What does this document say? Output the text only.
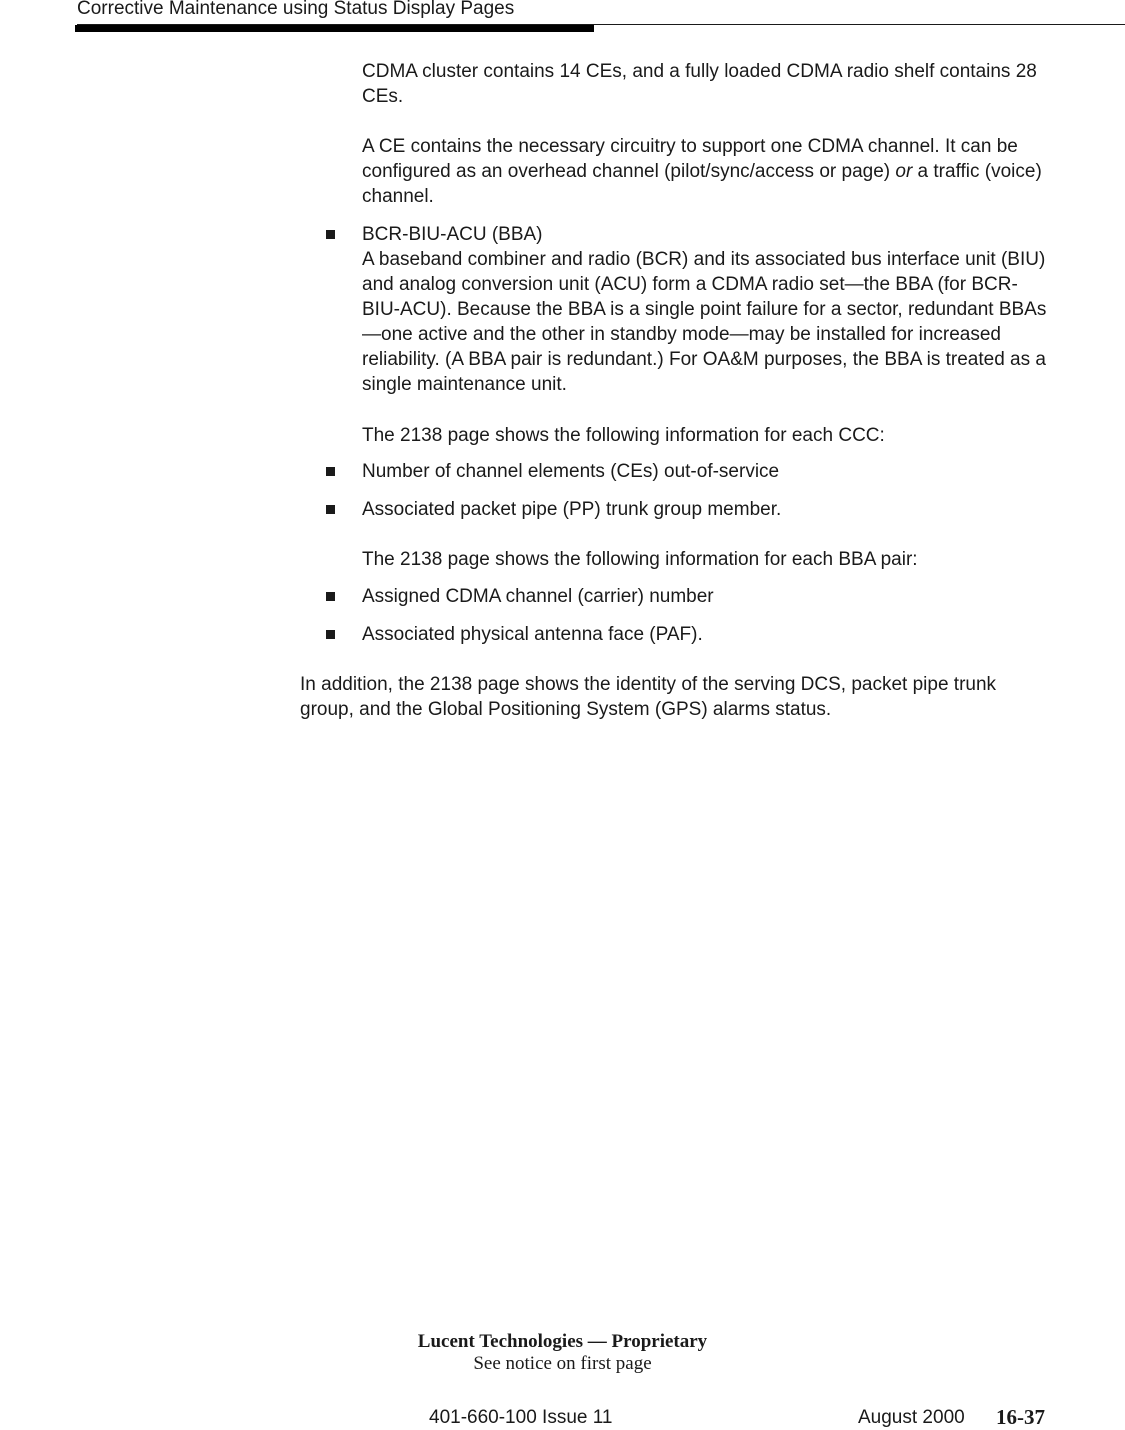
Corrective Maintenance using Status Display Pages

CDMA cluster contains 14 CEs, and a fully loaded CDMA radio shelf contains 28 CEs.

A CE contains the necessary circuitry to support one CDMA channel. It can be configured as an overhead channel (pilot/sync/access or page) or a traffic (voice) channel.

BCR-BIU-ACU (BBA)
A baseband combiner and radio (BCR) and its associated bus interface unit (BIU) and analog conversion unit (ACU) form a CDMA radio set—the BBA (for BCR-BIU-ACU). Because the BBA is a single point failure for a sector, redundant BBAs—one active and the other in standby mode—may be installed for increased reliability. (A BBA pair is redundant.) For OA&M purposes, the BBA is treated as a single maintenance unit.

The 2138 page shows the following information for each CCC:

Number of channel elements (CEs) out-of-service
Associated packet pipe (PP) trunk group member.

The 2138 page shows the following information for each BBA pair:

Assigned CDMA channel (carrier) number
Associated physical antenna face (PAF).

In addition, the 2138 page shows the identity of the serving DCS, packet pipe trunk group, and the Global Positioning System (GPS) alarms status.

Lucent Technologies — Proprietary
See notice on first page
401-660-100 Issue 11	August 2000 16-37
